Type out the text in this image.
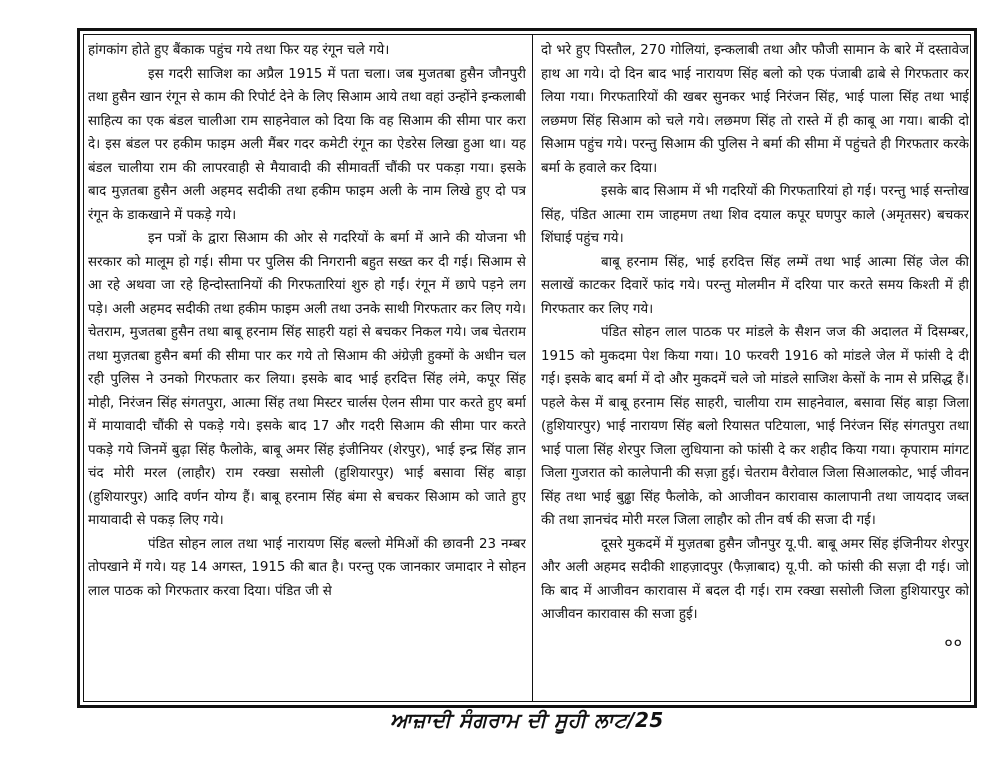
हांगकांग होते हुए बैंकाक पहुंच गये तथा फिर यह रंगून चले गये।

इस गदरी साजिश का अप्रैल 1915 में पता चला। जब मुजतबा हुसैन जौनपुरी तथा हुसैन खान रंगून से काम की रिपोर्ट देने के लिए सिआम आये तथा वहां उन्होंने इन्कलाबी साहित्य का एक बंडल चालीआ राम साहनेवाल को दिया कि वह सिआम की सीमा पार करा दे। इस बंडल पर हकीम फाइम अली मैंबर गदर कमेटी रंगून का ऐडरेस लिखा हुआ था। यह बंडल चालीया राम की लापरवाही से मैयावादी की सीमावर्ती चौंकी पर पकड़ा गया। इसके बाद मुज़तबा हुसैन अली अहमद सदीकी तथा हकीम फाइम अली के नाम लिखे हुए दो पत्र रंगून के डाकखाने में पकड़े गये।

इन पत्रों के द्वारा सिआम की ओर से गदरियों के बर्मा में आने की योजना भी सरकार को मालूम हो गई। सीमा पर पुलिस की निगरानी बहुत सख्त कर दी गई। सिआम से आ रहे अथवा जा रहे हिन्दोस्तानियों की गिरफतारियां शुरु हो गईं। रंगून में छापे पड़ने लग पड़े। अली अहमद सदीकी तथा हकीम फाइम अली तथा उनके साथी गिरफतार कर लिए गये। चेतराम, मुजतबा हुसैन तथा बाबू हरनाम सिंह साहरी यहां से बचकर निकल गये। जब चेतराम तथा मुज़तबा हुसैन बर्मा की सीमा पार कर गये तो सिआम की अंग्रेज़ी हुक्मों के अधीन चल रही पुलिस ने उनको गिरफतार कर लिया। इसके बाद भाई हरदित्त सिंह लंमे, कपूर सिंह मोही, निरंजन सिंह संगतपुरा, आत्मा सिंह तथा मिस्टर चार्लस ऐलन सीमा पार करते हुए बर्मा में मायावादी चौंकी से पकड़े गये। इसके बाद 17 और गदरी सिआम की सीमा पार करते पकड़े गये जिनमें बुढ़ा सिंह फैलोके, बाबू अमर सिंह इंजीनियर (शेरपुर), भाई इन्द्र सिंह ज्ञान चंद मोरी मरल (लाहौर) राम रक्खा ससोली (हुशियारपुर) भाई बसावा सिंह बाड़ा (हुशियारपुर) आदि वर्णन योग्य हैं। बाबू हरनाम सिंह बंमा से बचकर सिआम को जाते हुए मायावादी से पकड़ लिए गये।

पंडित सोहन लाल तथा भाई नारायण सिंह बल्लो मेमिओं की छावनी 23 नम्बर तोपखाने में गये। यह 14 अगस्त, 1915 की बात है। परन्तु एक जानकार जमादार ने सोहन लाल पाठक को गिरफतार करवा दिया। पंडित जी से

दो भरे हुए पिस्तौल, 270 गोलियां, इन्कलाबी तथा और फौजी सामान के बारे में दस्तावेज हाथ आ गये। दो दिन बाद भाई नारायण सिंह बलो को एक पंजाबी ढाबे से गिरफतार कर लिया गया। गिरफतारियों की खबर सुनकर भाई निरंजन सिंह, भाई पाला सिंह तथा भाई लछमण सिंह सिआम को चले गये। लछमण सिंह तो रास्ते में ही काबू आ गया। बाकी दो सिआम पहुंच गये। परन्तु सिआम की पुलिस ने बर्मा की सीमा में पहुंचते ही गिरफतार करके बर्मा के हवाले कर दिया।

इसके बाद सिआम में भी गदरियों की गिरफतारियां हो गई। परन्तु भाई सन्तोख सिंह, पंडित आत्मा राम जाहमण तथा शिव दयाल कपूर घणपुर काले (अमृतसर) बचकर शिंघाई पहुंच गये।

बाबू हरनाम सिंह, भाई हरदित्त सिंह लम्में तथा भाई आत्मा सिंह जेल की सलाखें काटकर दिवारें फांद गये। परन्तु मोलमीन में दरिया पार करते समय किश्ती में ही गिरफतार कर लिए गये।

पंडित सोहन लाल पाठक पर मांडले के सैशन जज की अदालत में दिसम्बर, 1915 को मुकदमा पेश किया गया। 10 फरवरी 1916 को मांडले जेल में फांसी दे दी गई। इसके बाद बर्मा में दो और मुकदमें चले जो मांडले साजिश केसों के नाम से प्रसिद्ध हैं। पहले केस में बाबू हरनाम सिंह साहरी, चालीया राम साहनेवाल, बसावा सिंह बाड़ा जिला (हुशियारपुर) भाई नारायण सिंह बलो रियासत पटियाला, भाई निरंजन सिंह संगतपुरा तथा भाई पाला सिंह शेरपुर जिला लुधियाना को फांसी दे कर शहीद किया गया। कृपाराम मांगट जिला गुजरात को कालेपानी की सज़ा हुई। चेतराम वैरोवाल जिला सिआलकोट, भाई जीवन सिंह तथा भाई बुढ्ढा सिंह फैलोके, को आजीवन कारावास कालापानी तथा जायदाद जब्त की तथा ज्ञानचंद मोरी मरल जिला लाहौर को तीन वर्ष की सजा दी गई।

दूसरे मुकदमें में मुज़तबा हुसैन जौनपुर यू.पी. बाबू अमर सिंह इंजिनीयर शेरपुर और अली अहमद सदीकी शाहज़ादपुर (फैज़ाबाद) यू.पी. को फांसी की सज़ा दी गई। जो कि बाद में आजीवन कारावास में बदल दी गई। राम रक्खा ससोली जिला हुशियारपुर को आजीवन कारावास की सजा हुई।

००
ਆਜ਼ਾਦੀ ਸੰਗਰਾਮ ਦੀ ਸੂਹੀ ਲਾਟ/25
